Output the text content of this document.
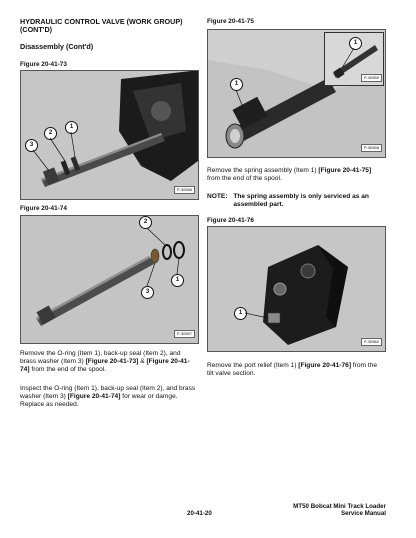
HYDRAULIC CONTROL VALVE (WORK GROUP) (CONT'D)
Disassembly (Cont'd)
Figure 20-41-73
1
2
3
P-30556
Figure 20-41-74
2
1
3
P-30557
Remove the O-ring (Item 1), back-up seal (Item 2), and brass washer (Item 3) [Figure 20-41-73] & [Figure 20-41-74] from the end of the spool.
Inspect the O-ring (Item 1), back-up seal (Item 2), and brass washer (Item 3) [Figure 20-41-74] for wear or damge. Replace as needed.
Figure 20-41-75
1
P-30559
1
P-30558
Remove the spring assembly (Item 1) [Figure 20-41-75] from the end of the spool.
NOTE: The spring assembly is only serviced as an assembled part.
Figure 20-41-76
1
P-30560
Remove the port relief (Item 1) [Figure 20-41-76] from the tilt valve section.
20-41-20
MT50 Bobcat Mini Track Loader
Service Manual
